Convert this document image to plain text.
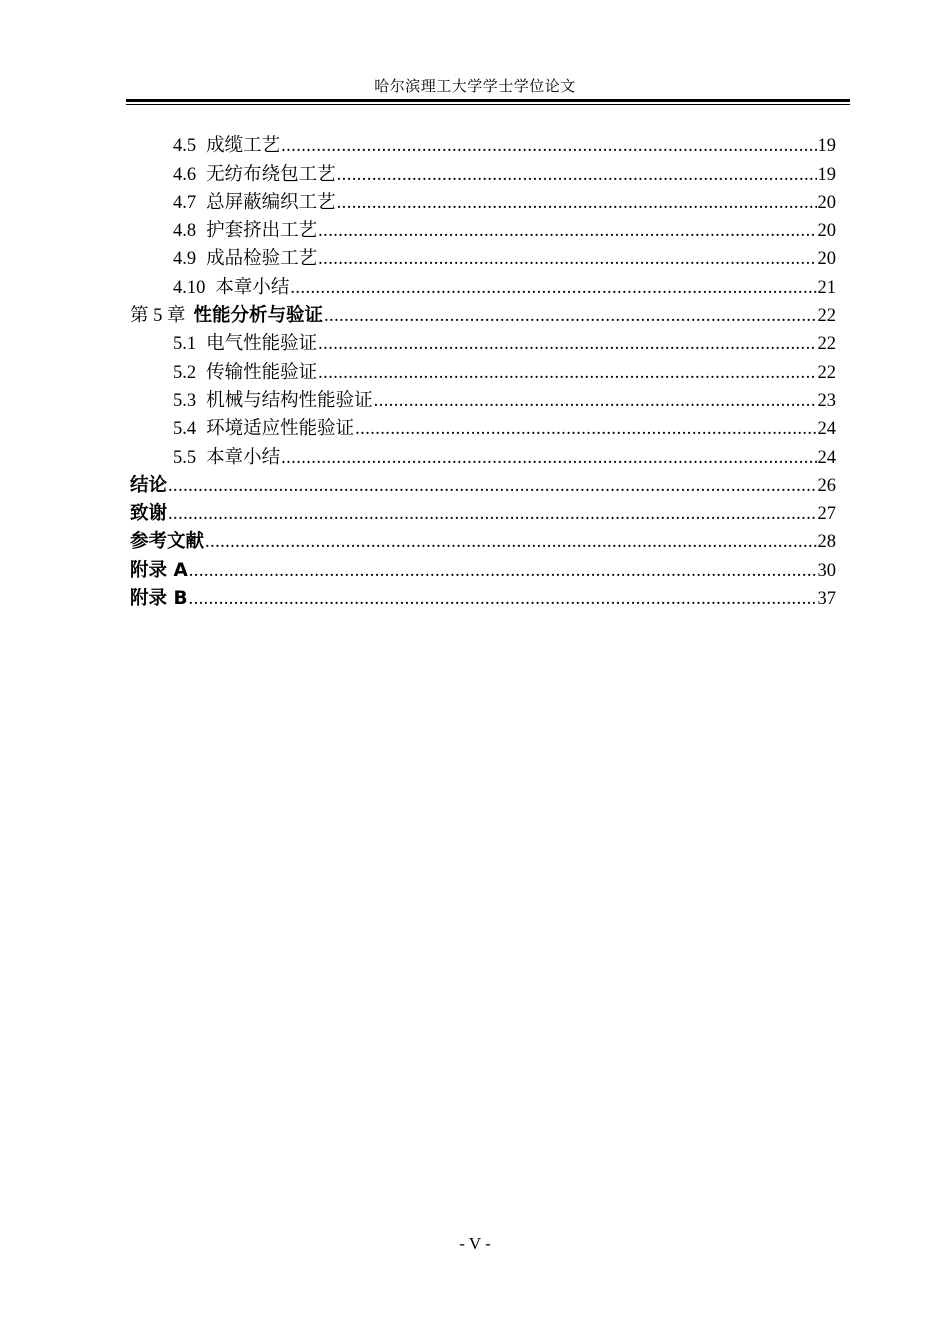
哈尔滨理工大学学士学位论文
4.5 成缆工艺 .....	19
4.6 无纺布绕包工艺 .....	19
4.7 总屏蔽编织工艺 .....	20
4.8 护套挤出工艺 .....	20
4.9 成品检验工艺 .....	20
4.10 本章小结 .....	21
第 5 章 性能分析与验证 .....	22
5.1 电气性能验证 .....	22
5.2 传输性能验证 .....	22
5.3 机械与结构性能验证 .....	23
5.4 环境适应性能验证 .....	24
5.5 本章小结 .....	24
结论 .....	26
致谢 .....	27
参考文献 .....	28
附录 A .....	30
附录 B .....	37
- V -
